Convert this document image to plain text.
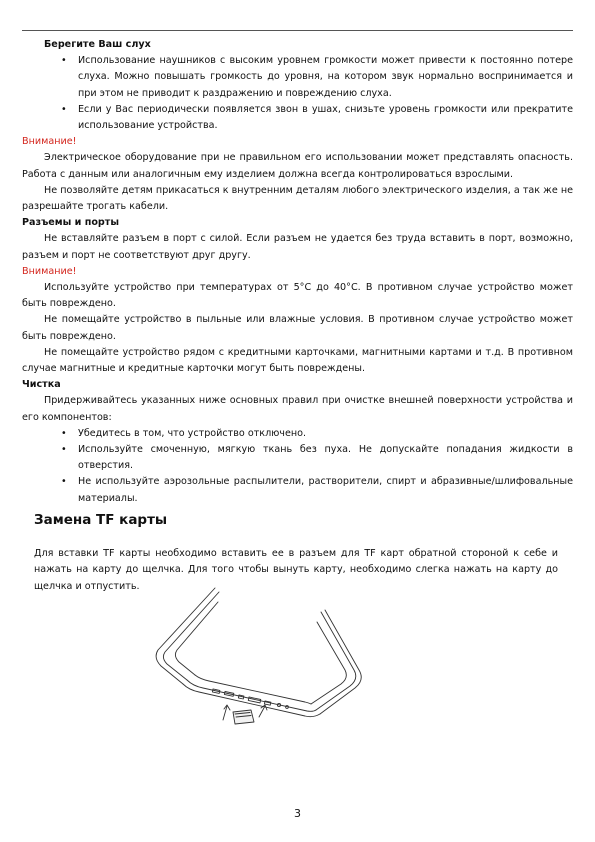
Берегите Ваш слух

• Использование наушников с высоким уровнем громкости может привести к постоянно потере слуха. Можно повышать громкость до уровня, на котором звук нормально воспринимается и при этом не приводит к раздражению и повреждению слуха.
• Если у Вас периодически появляется звон в ушах, снизьте уровень громкости или прекратите использование устройства.

Внимание!

Электрическое оборудование при не правильном его использовании может представлять опасность. Работа с данным или аналогичным ему изделием должна всегда контролироваться взрослыми.

Не позволяйте детям прикасаться к внутренним деталям любого электрического изделия, а так же не разрешайте трогать кабели.

Разъемы и порты

Не вставляйте разъем в порт с силой. Если разъем не удается без труда вставить в порт, возможно, разъем и порт не соответствуют друг другу.

Внимание!

Используйте устройство при температурах от 5°С до 40°С. В противном случае устройство может быть повреждено.

Не помещайте устройство в пыльные или влажные условия. В противном случае устройство может быть повреждено.

Не помещайте устройство рядом с кредитными карточками, магнитными картами и т.д. В противном случае магнитные и кредитные карточки могут быть повреждены.

Чистка

Придерживайтесь указанных ниже основных правил при очистке внешней поверхности устройства и его компонентов:

• Убедитесь в том, что устройство отключено.
• Используйте смоченную, мягкую ткань без пуха. Не допускайте попадания жидкости в отверстия.
• Не используйте аэрозольные распылители, растворители, спирт и абразивные/шлифовальные материалы.
Замена TF карты

Для вставки TF карты необходимо вставить ее в разъем для TF карт обратной стороной к себе и нажать на карту до щелчка. Для того чтобы вынуть карту, необходимо слегка нажать на карту до щелчка и отпустить.

3
